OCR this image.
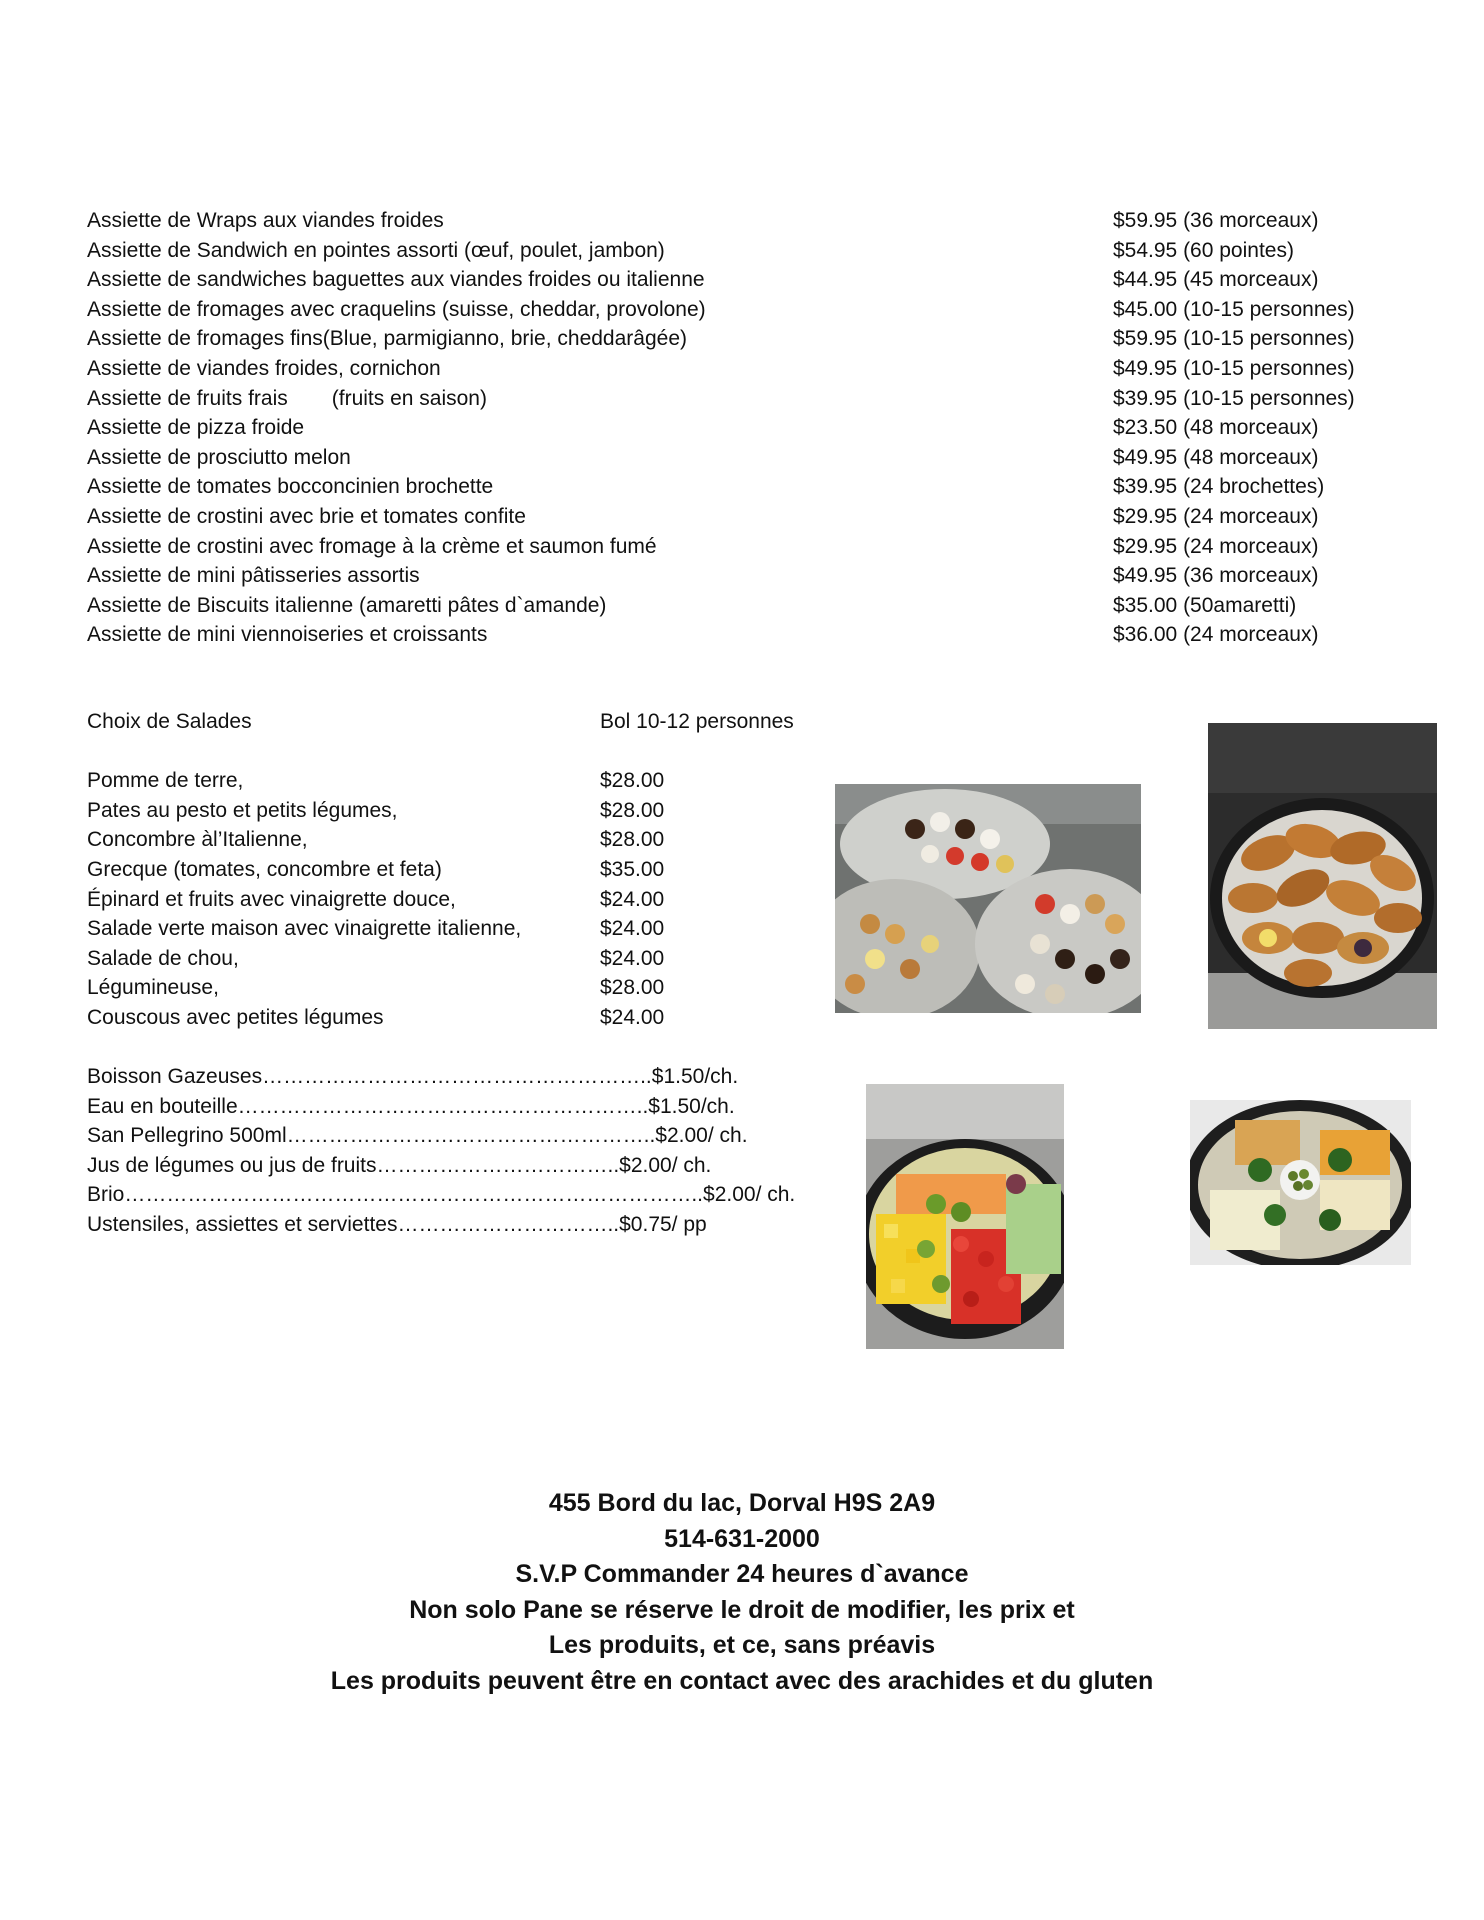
Assiette de Wraps aux viandes froides	$59.95 (36 morceaux)
Assiette de Sandwich en pointes assorti (œuf, poulet, jambon)	$54.95 (60 pointes)
Assiette de sandwiches baguettes aux viandes froides ou italienne	$44.95 (45 morceaux)
Assiette de fromages avec craquelins (suisse, cheddar, provolone)	$45.00 (10-15 personnes)
Assiette de fromages fins(Blue, parmigianno, brie, cheddarâgée)	$59.95 (10-15 personnes)
Assiette de viandes froides, cornichon	$49.95 (10-15 personnes)
Assiette de fruits frais (fruits en saison)	$39.95 (10-15 personnes)
Assiette de pizza froide	$23.50 (48 morceaux)
Assiette de prosciutto melon	$49.95 (48 morceaux)
Assiette de tomates bocconcinien brochette	$39.95 (24 brochettes)
Assiette de crostini avec brie et tomates confite	$29.95 (24 morceaux)
Assiette de crostini avec fromage à la crème et saumon fumé	$29.95 (24 morceaux)
Assiette de mini pâtisseries assortis	$49.95 (36 morceaux)
Assiette de Biscuits italienne (amaretti pâtes d`amande)	$35.00 (50amaretti)
Assiette de mini viennoiseries et croissants	$36.00 (24 morceaux)
Choix de Salades	Bol 10-12 personnes
Pomme de terre,	$28.00
Pates au pesto et petits légumes,	$28.00
Concombre àl’Italienne,	$28.00
Grecque (tomates, concombre et feta)	$35.00
Épinard et fruits avec vinaigrette douce,	$24.00
Salade verte maison avec vinaigrette italienne,	$24.00
Salade de chou,	$24.00
Légumineuse,	$28.00
Couscous avec petites légumes	$24.00
Boisson Gazeuses………………………………………………..$1.50/ch.
Eau en bouteille…………………………………………………..$1.50/ch.
San Pellegrino 500ml……………………………………………..$2.00/ ch.
Jus de légumes ou jus de fruits……………………………..$2.00/ ch.
Brio………………………………………………………………………..$2.00/ ch.
Ustensiles, assiettes et serviettes…………………………..$0.75/ pp
455 Bord du lac, Dorval H9S 2A9
514-631-2000
S.V.P Commander 24 heures d`avance
Non solo Pane se réserve le droit de modifier, les prix et
Les produits, et ce, sans préavis
Les produits peuvent être en contact avec des arachides et du gluten
